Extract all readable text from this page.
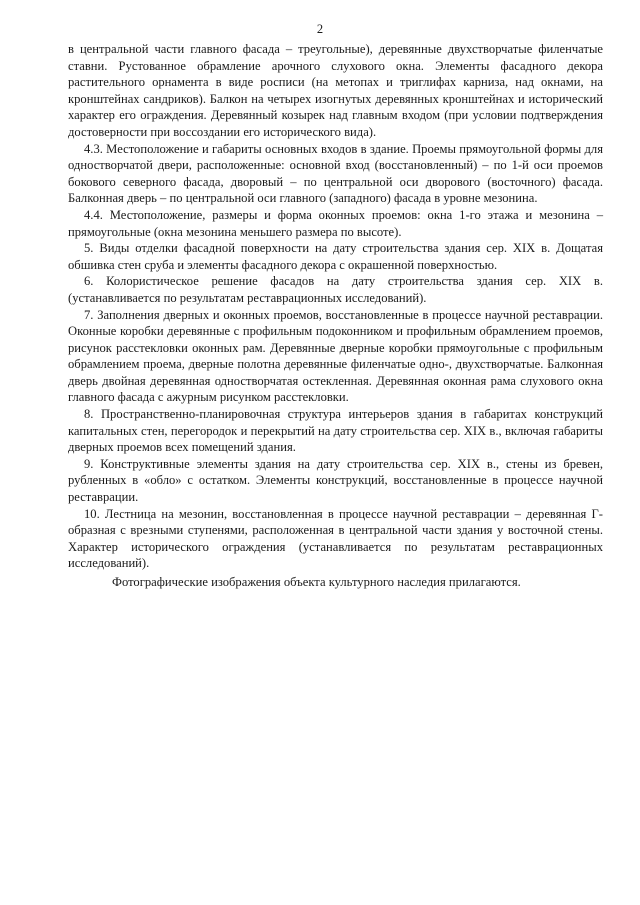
2

в центральной части главного фасада – треугольные), деревянные двухстворчатые филенчатые ставни. Рустованное обрамление арочного слухового окна. Элементы фасадного декора растительного орнамента в виде росписи (на метопах и триглифах карниза, над окнами, на кронштейнах сандриков). Балкон на четырех изогнутых деревянных кронштейнах и исторический характер его ограждения. Деревянный козырек над главным входом (при условии подтверждения достоверности при воссоздании его исторического вида).

4.3. Местоположение и габариты основных входов в здание. Проемы прямоугольной формы для одностворчатой двери, расположенные: основной вход (восстановленный) – по 1-й оси проемов бокового северного фасада, дворовый – по центральной оси дворового (восточного) фасада. Балконная дверь – по центральной оси главного (западного) фасада в уровне мезонина.

4.4. Местоположение, размеры и форма оконных проемов: окна 1-го этажа и мезонина – прямоугольные (окна мезонина меньшего размера по высоте).

5. Виды отделки фасадной поверхности на дату строительства здания сер. XIX в. Дощатая обшивка стен сруба и элементы фасадного декора с окрашенной поверхностью.

6. Колористическое решение фасадов на дату строительства здания сер. XIX в. (устанавливается по результатам реставрационных исследований).

7. Заполнения дверных и оконных проемов, восстановленные в процессе научной реставрации. Оконные коробки деревянные с профильным подоконником и профильным обрамлением проемов, рисунок расстекловки оконных рам. Деревянные дверные коробки прямоугольные с профильным обрамлением проема, дверные полотна деревянные филенчатые одно-, двухстворчатые. Балконная дверь двойная деревянная одностворчатая остекленная. Деревянная оконная рама слухового окна главного фасада с ажурным рисунком расстекловки.

8. Пространственно-планировочная структура интерьеров здания в габаритах конструкций капитальных стен, перегородок и перекрытий на дату строительства сер. XIX в., включая габариты дверных проемов всех помещений здания.

9. Конструктивные элементы здания на дату строительства сер. XIX в., стены из бревен, рубленных в «обло» с остатком. Элементы конструкций, восстановленные в процессе научной реставрации.

10. Лестница на мезонин, восстановленная в процессе научной реставрации – деревянная Г-образная с врезными ступенями, расположенная в центральной части здания у восточной стены. Характер исторического ограждения (устанавливается по результатам реставрационных исследований).

Фотографические изображения объекта культурного наследия прилагаются.
